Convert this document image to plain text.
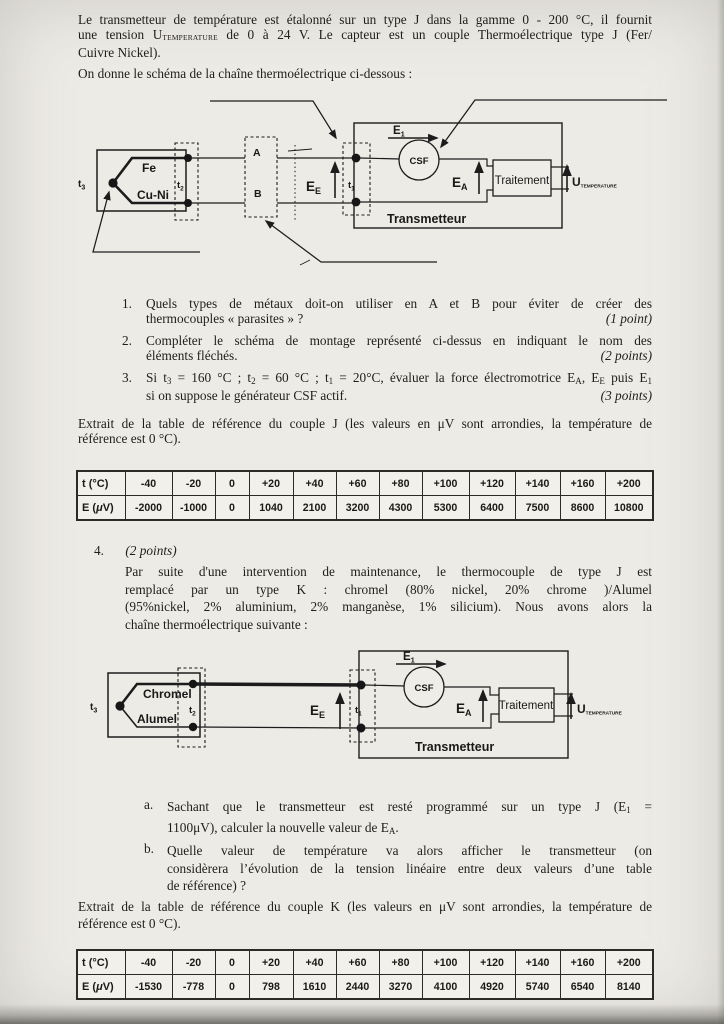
Le transmetteur de température est étalonné sur un type J dans la gamme 0 - 200 °C, il fournit
une tension UTEMPERATURE de 0 à 24 V. Le capteur est un couple Thermoélectrique type J (Fer/
Cuivre Nickel).
On donne le schéma de la chaîne thermoélectrique ci-dessous :
$t_3$
Fe
Cu-Ni
$t_2$
A
B	$E_E$	$t_1$
$E_1$
CSF
$E_A$ Traitement
Transmetteur
UTEMPERATURE
1.	Quels types de métaux doit-on utiliser en A et B pour éviter de créer des
thermocouples « parasites » ?	(1 point)
2.	Compléter le schéma de montage représenté ci-dessus en indiquant le nom des
éléments fléchés.	(2 points)
3.	Si $t_3 = 160$ °C ; $t_2 = 60$ °C ; $t_1 = 20^\circ C$, évaluer la force électromotrice $E_A$, $E_E$ puis $E_1$
si on suppose le générateur CSF actif.	(3 points)
Extrait de la table de référence du couple J (les valeurs en μV sont arrondies, la température de
référence est 0 °C).
t (°C)	-40	-20	0	+20	+40	+60	+80	+100	+120	+140	+160	+200
E (μV)	-2000	-1000	0	1040	2100	3200	4300	5300	6400	7500	8600	10800
4. (2 points)
Par suite d'une intervention de maintenance, le thermocouple de type J est
remplacé par un type K : chromel (80% nickel, 20% chrome )/Alumel
(95%nickel, 2% aluminium, 2% manganèse, 1% silicium). Nous avons alors la
chaîne thermoélectrique suivante :
$t_3$
Chromel
Alumel
$t_2$	$E_E$	$t_1$
$E_1$
CSF
$E_A$
Traitement
Transmetteur
UTEMPERATURE
a.	Sachant que le transmetteur est resté programmé sur un type J ($E_1$ =
1100μV), calculer la nouvelle valeur de $E_A$.
b. Quelle valeur de température va alors afficher le transmetteur (on
considèrera l’évolution de la tension linéaire entre deux valeurs d’une table
de référence) ?
Extrait de la table de référence du couple K (les valeurs en μV sont arrondies, la température de
référence est 0 °C).
t (°C)	-40	-20	0	+20	+40	+60	+80	+100	+120	+140	+160	+200
E (μV)	-1530	-778	0	798	1610	2440	3270	4100	4920	5740	6540	8140
